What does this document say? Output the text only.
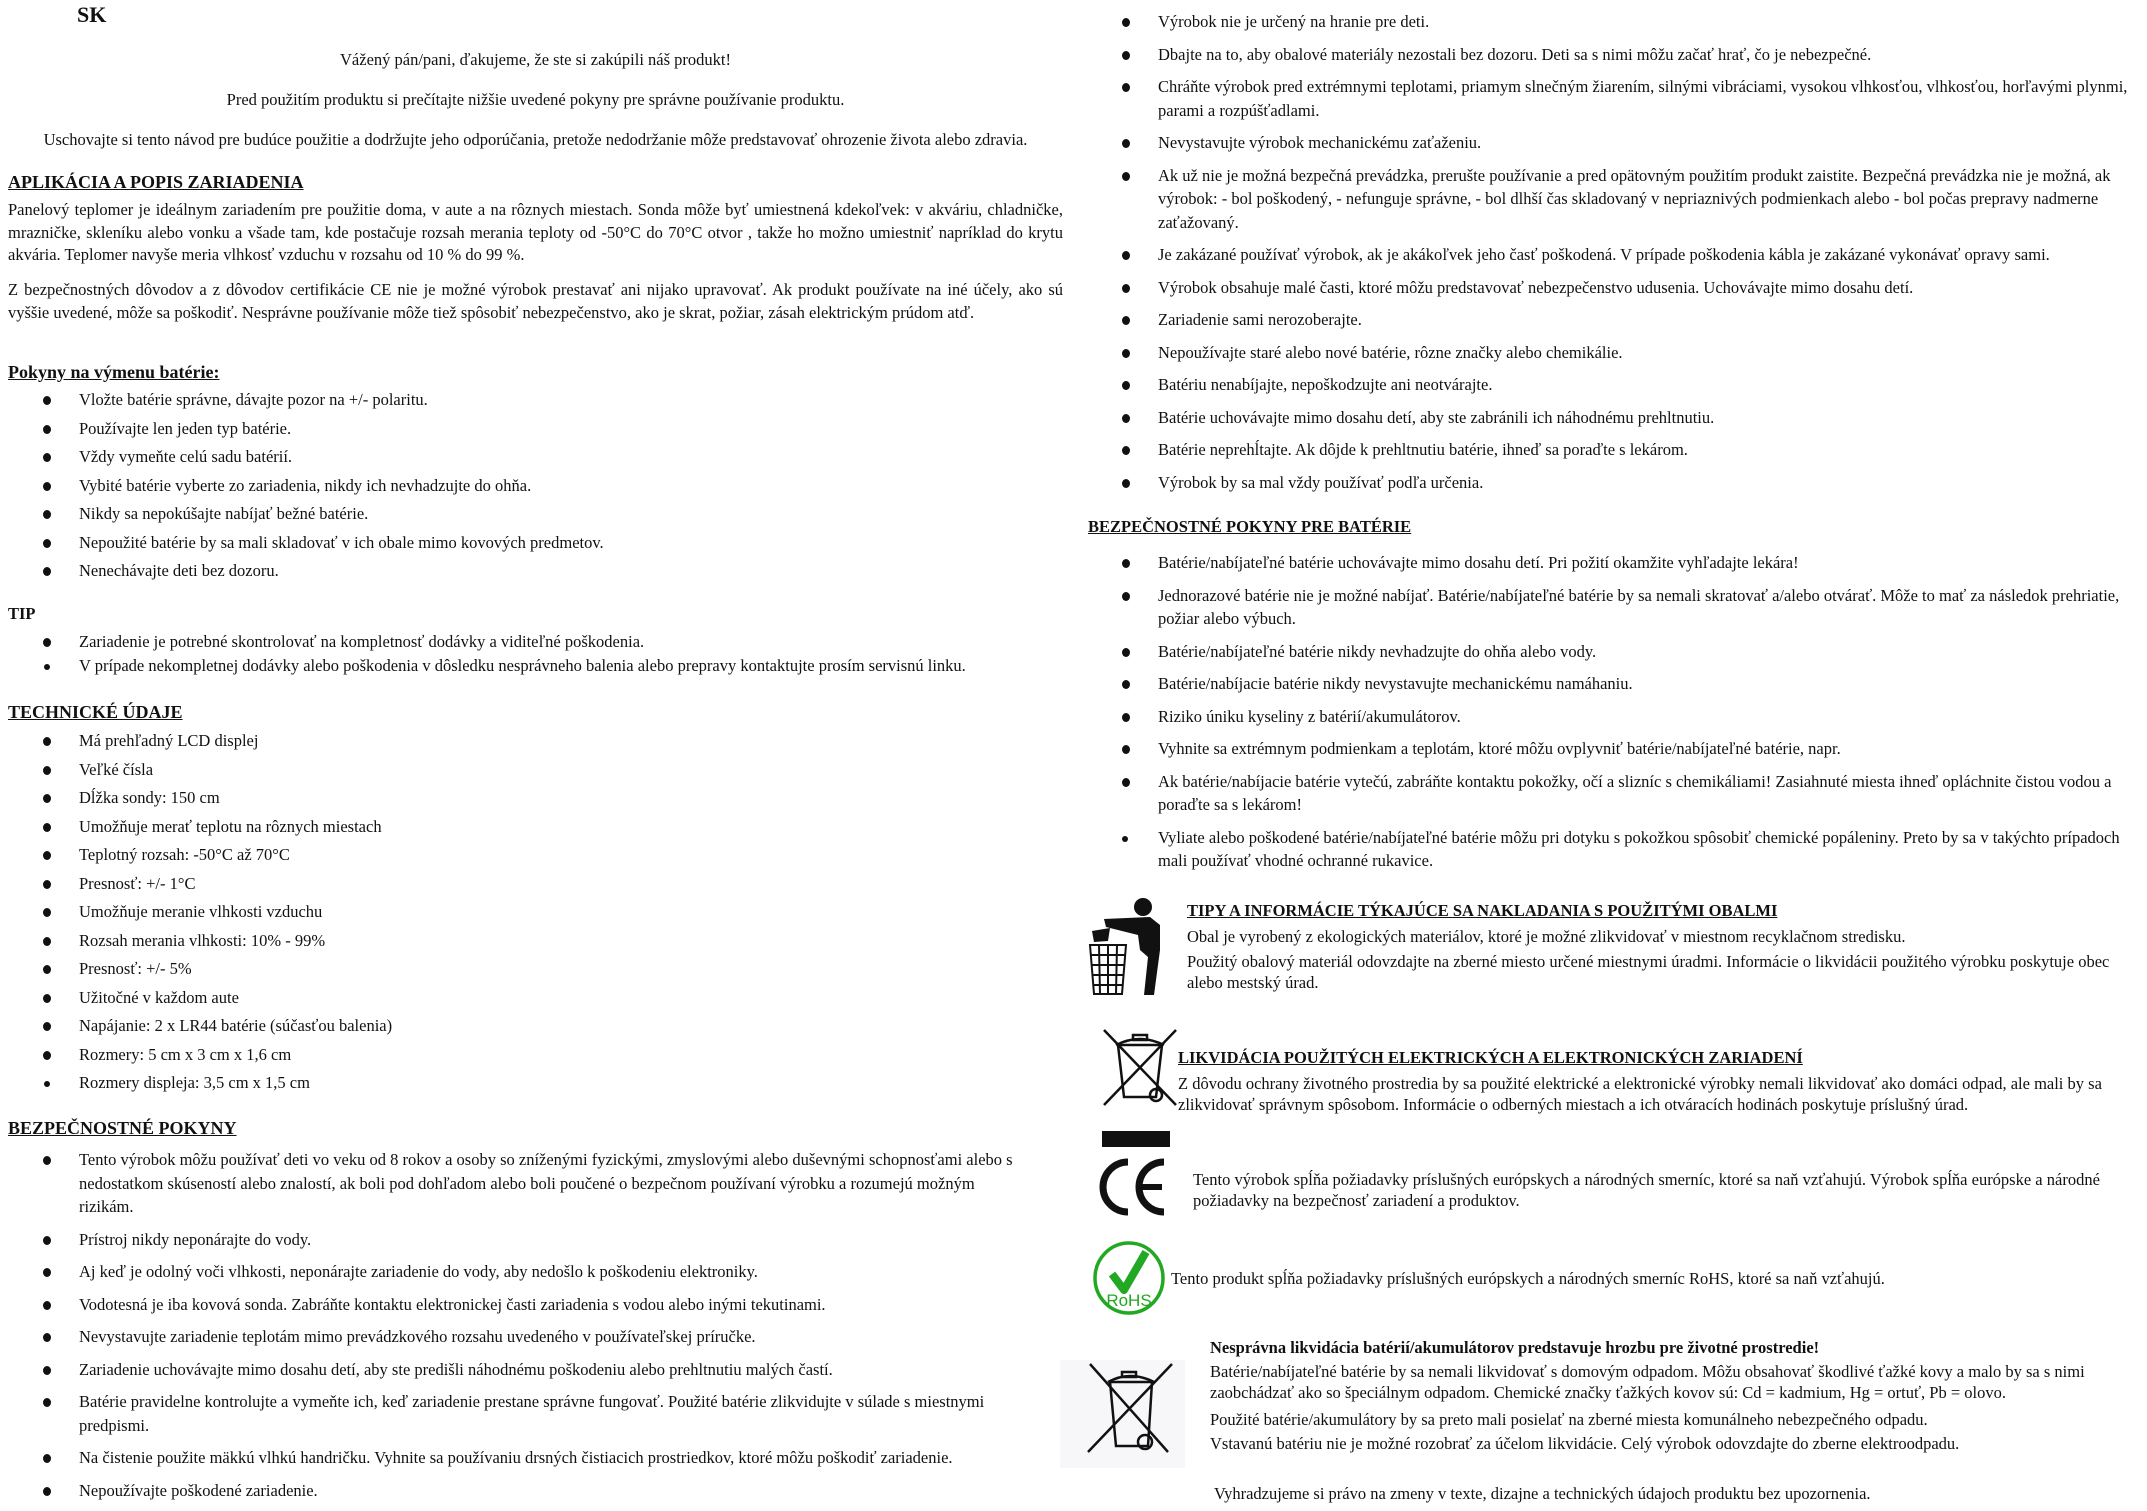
SK

Vážený pán/pani, ďakujeme, že ste si zakúpili náš produkt!

Pred použitím produktu si prečítajte nižšie uvedené pokyny pre správne používanie produktu.

Uschovajte si tento návod pre budúce použitie a dodržujte jeho odporúčania, pretože nedodržanie môže predstavovať ohrozenie života alebo zdravia.

APLIKÁCIA A POPIS ZARIADENIA

Panelový teplomer je ideálnym zariadením pre použitie doma, v aute a na rôznych miestach. Sonda môže byť umiestnená kdekoľvek: v akváriu, chladničke, mrazničke, skleníku alebo vonku a všade tam, kde postačuje rozsah merania teploty od -50°C do 70°C otvor , takže ho možno umiestniť napríklad do krytu akvária. Teplomer navyše meria vlhkosť vzduchu v rozsahu od 10 % do 99 %.

Z bezpečnostných dôvodov a z dôvodov certifikácie CE nie je možné výrobok prestavať ani nijako upravovať. Ak produkt používate na iné účely, ako sú vyššie uvedené, môže sa poškodiť. Nesprávne používanie môže tiež spôsobiť nebezpečenstvo, ako je skrat, požiar, zásah elektrickým prúdom atď.

Pokyny na výmenu batérie:
Vložte batérie správne, dávajte pozor na +/- polaritu.
Používajte len jeden typ batérie.
Vždy vymeňte celú sadu batérií.
Vybité batérie vyberte zo zariadenia, nikdy ich nevhadzujte do ohňa.
Nikdy sa nepokúšajte nabíjať bežné batérie.
Nepoužité batérie by sa mali skladovať v ich obale mimo kovových predmetov.
Nenechávajte deti bez dozoru.
TIP
Zariadenie je potrebné skontrolovať na kompletnosť dodávky a viditeľné poškodenia.
V prípade nekompletnej dodávky alebo poškodenia v dôsledku nesprávneho balenia alebo prepravy kontaktujte prosím servisnú linku.
TECHNICKÉ ÚDAJE
Má prehľadný LCD displej
Veľké čísla
Dĺžka sondy: 150 cm
Umožňuje merať teplotu na rôznych miestach
Teplotný rozsah: -50°C až 70°C
Presnosť: +/- 1°C
Umožňuje meranie vlhkosti vzduchu
Rozsah merania vlhkosti: 10% - 99%
Presnosť: +/- 5%
Užitočné v každom aute
Napájanie: 2 x LR44 batérie (súčasťou balenia)
Rozmery: 5 cm x 3 cm x 1,6 cm
Rozmery displeja: 3,5 cm x 1,5 cm
BEZPEČNOSTNÉ POKYNY
Tento výrobok môžu používať deti vo veku od 8 rokov a osoby so zníženými fyzickými, zmyslovými alebo duševnými schopnosťami alebo s nedostatkom skúseností alebo znalostí, ak boli pod dohľadom alebo boli poučené o bezpečnom používaní výrobku a rozumejú možným rizikám.
Prístroj nikdy neponárajte do vody.
Aj keď je odolný voči vlhkosti, neponárajte zariadenie do vody, aby nedošlo k poškodeniu elektroniky.
Vodotesná je iba kovová sonda. Zabráňte kontaktu elektronickej časti zariadenia s vodou alebo inými tekutinami.
Nevystavujte zariadenie teplotám mimo prevádzkového rozsahu uvedeného v používateľskej príručke.
Zariadenie uchovávajte mimo dosahu detí, aby ste predišli náhodnému poškodeniu alebo prehltnutiu malých častí.
Batérie pravidelne kontrolujte a vymeňte ich, keď zariadenie prestane správne fungovať. Použité batérie zlikvidujte v súlade s miestnymi predpismi.
Na čistenie použite mäkkú vlhkú handričku. Vyhnite sa používaniu drsných čistiacich prostriedkov, ktoré môžu poškodiť zariadenie.
Nepoužívajte poškodené zariadenie.
Výrobok nie je určený na hranie pre deti.
Dbajte na to, aby obalové materiály nezostali bez dozoru. Deti sa s nimi môžu začať hrať, čo je nebezpečné.
Chráňte výrobok pred extrémnymi teplotami, priamym slnečným žiarením, silnými vibráciami, vysokou vlhkosťou, vlhkosťou, horľavými plynmi, parami a rozpúšťadlami.
Nevystavujte výrobok mechanickému zaťaženiu.
Ak už nie je možná bezpečná prevádzka, prerušte používanie a pred opätovným použitím produkt zaistite. Bezpečná prevádzka nie je možná, ak výrobok: - bol poškodený, - nefunguje správne, - bol dlhší čas skladovaný v nepriaznivých podmienkach alebo - bol počas prepravy nadmerne zaťažovaný.
Je zakázané používať výrobok, ak je akákoľvek jeho časť poškodená. V prípade poškodenia kábla je zakázané vykonávať opravy sami.
Výrobok obsahuje malé časti, ktoré môžu predstavovať nebezpečenstvo udusenia. Uchovávajte mimo dosahu detí.
Zariadenie sami nerozoberajte.
Nepoužívajte staré alebo nové batérie, rôzne značky alebo chemikálie.
Batériu nenabíjajte, nepoškodzujte ani neotvárajte.
Batérie uchovávajte mimo dosahu detí, aby ste zabránili ich náhodnému prehltnutiu.
Batérie neprehĺtajte. Ak dôjde k prehltnutiu batérie, ihneď sa poraďte s lekárom.
Výrobok by sa mal vždy používať podľa určenia.
BEZPEČNOSTNÉ POKYNY PRE BATÉRIE
Batérie/nabíjateľné batérie uchovávajte mimo dosahu detí. Pri požití okamžite vyhľadajte lekára!
Jednorazové batérie nie je možné nabíjať. Batérie/nabíjateľné batérie by sa nemali skratovať a/alebo otvárať. Môže to mať za následok prehriatie, požiar alebo výbuch.
Batérie/nabíjateľné batérie nikdy nevhadzujte do ohňa alebo vody.
Batérie/nabíjacie batérie nikdy nevystavujte mechanickému namáhaniu.
Riziko úniku kyseliny z batérií/akumulátorov.
Vyhnite sa extrémnym podmienkam a teplotám, ktoré môžu ovplyvniť batérie/nabíjateľné batérie, napr.
Ak batérie/nabíjacie batérie vytečú, zabráňte kontaktu pokožky, očí a slizníc s chemikáliami! Zasiahnuté miesta ihneď opláchnite čistou vodou a poraďte sa s lekárom!
Vyliate alebo poškodené batérie/nabíjateľné batérie môžu pri dotyku s pokožkou spôsobiť chemické popáleniny. Preto by sa v takýchto prípadoch mali používať vhodné ochranné rukavice.
TIPY A INFORMÁCIE TÝKAJÚCE SA NAKLADANIA S POUŽITÝMI OBALMI

Obal je vyrobený z ekologických materiálov, ktoré je možné zlikvidovať v miestnom recyklačnom stredisku.

Použitý obalový materiál odovzdajte na zberné miesto určené miestnymi úradmi. Informácie o likvidácii použitého výrobku poskytuje obec alebo mestský úrad.

LIKVIDÁCIA POUŽITÝCH ELEKTRICKÝCH A ELEKTRONICKÝCH ZARIADENÍ

Z dôvodu ochrany životného prostredia by sa použité elektrické a elektronické výrobky nemali likvidovať ako domáci odpad, ale mali by sa zlikvidovať správnym spôsobom. Informácie o odberných miestach a ich otváracích hodinách poskytuje príslušný úrad.

Tento výrobok spĺňa požiadavky príslušných európskych a národných smerníc, ktoré sa naň vzťahujú. Výrobok spĺňa európske a národné požiadavky na bezpečnosť zariadení a produktov.

RoHS

Tento produkt spĺňa požiadavky príslušných európskych a národných smerníc RoHS, ktoré sa naň vzťahujú.

Nesprávna likvidácia batérií/akumulátorov predstavuje hrozbu pre životné prostredie!

Batérie/nabíjateľné batérie by sa nemali likvidovať s domovým odpadom. Môžu obsahovať škodlivé ťažké kovy a malo by sa s nimi zaobchádzať ako so špeciálnym odpadom. Chemické značky ťažkých kovov sú: Cd = kadmium, Hg = ortuť, Pb = olovo.

Použité batérie/akumulátory by sa preto mali posielať na zberné miesta komunálneho nebezpečného odpadu.

Vstavanú batériu nie je možné rozobrať za účelom likvidácie. Celý výrobok odovzdajte do zberne elektroodpadu.

Vyhradzujeme si právo na zmeny v texte, dizajne a technických údajoch produktu bez upozornenia.
